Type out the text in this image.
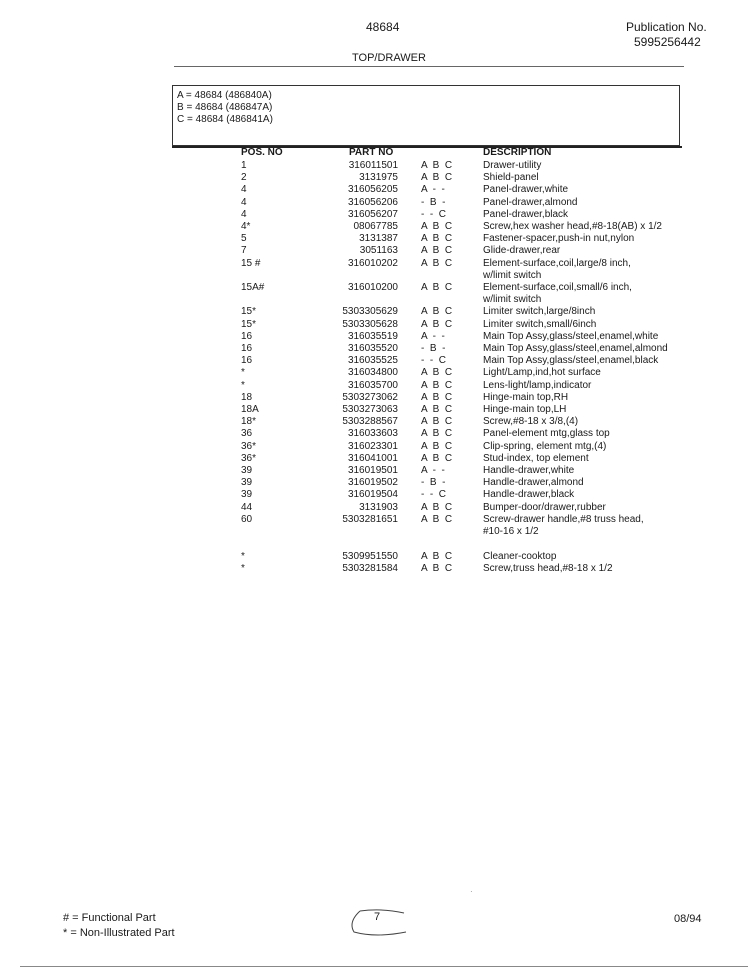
48684	Publication No.
5995256442
TOP/DRAWER
A = 48684 (486840A)
B = 48684 (486847A)
C = 48684 (486841A)
POS. NO	PART NO	DESCRIPTION
1	316011501 A  B  C	Drawer-utility
2	3131975 A  B  C	Shield-panel
4	316056205 A  -  -	Panel-drawer,white
4	316056206 -  B  -	Panel-drawer,almond
4	316056207 -  -  C	Panel-drawer,black
4*	08067785 A  B  C	Screw,hex washer head,#8-18(AB) x 1/2
5	3131387 A  B  C	Fastener-spacer,push-in nut,nylon
7	3051163 A  B  C	Glide-drawer,rear
15 #	316010202 A  B  C	Element-surface,coil,large/8 inch,
w/limit switch
15A#	316010200 A  B  C	Element-surface,coil,small/6 inch,
w/limit switch
15*	5303305629 A  B  C	Limiter switch,large/8inch
15*	5303305628 A  B  C	Limiter switch,small/6inch
16	316035519 A  -  -	Main Top Assy,glass/steel,enamel,white
16	316035520 -  B  -	Main Top Assy,glass/steel,enamel,almond
16	316035525 -  -  C	Main Top Assy,glass/steel,enamel,black
*	316034800 A  B  C	Light/Lamp,ind,hot surface
*	316035700 A  B  C	Lens-light/lamp,indicator
18	5303273062 A  B  C	Hinge-main top,RH
18A	5303273063 A  B  C	Hinge-main top,LH
18*	5303288567 A  B  C	Screw,#8-18 x 3/8,(4)
36	316033603 A  B  C	Panel-element mtg,glass top
36*	316023301 A  B  C	Clip-spring, element mtg,(4)
36*	316041001 A  B  C	Stud-index, top element
39	316019501 A  -  -	Handle-drawer,white
39	316019502 -  B  -	Handle-drawer,almond
39	316019504 -  -  C	Handle-drawer,black
44	3131903 A  B  C	Bumper-door/drawer,rubber
60	5303281651 A  B  C	Screw-drawer handle,#8 truss head,
#10-16 x 1/2
*	5309951550 A  B  C	Cleaner-cooktop
*	5303281584 A  B  C	Screw,truss head,#8-18 x 1/2
·
# = Functional Part
* = Non-Illustrated Part
7	08/94
